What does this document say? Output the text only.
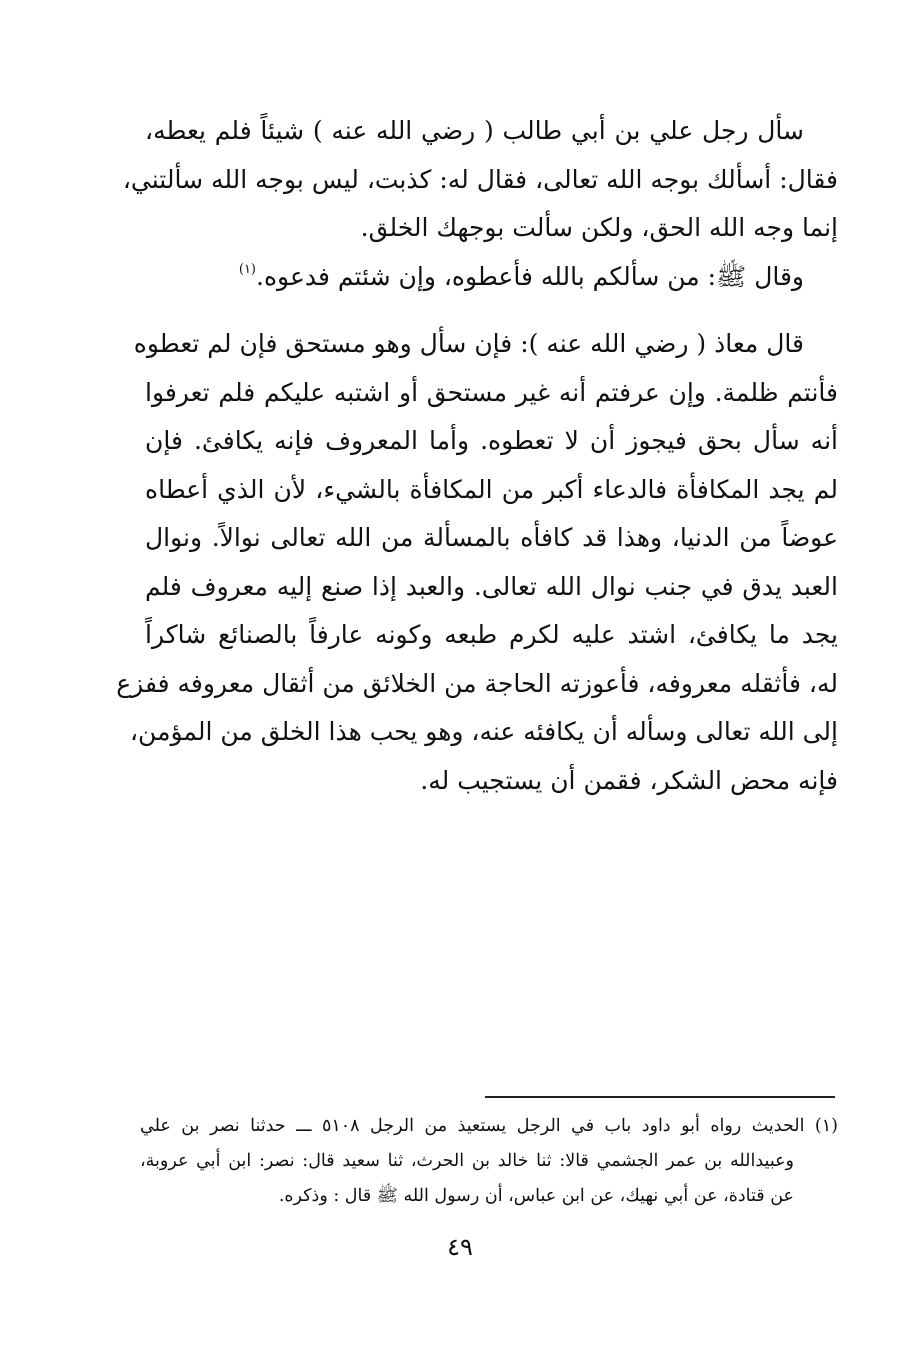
سأل رجل علي بن أبي طالب ( رضي الله عنه ) شيئاً فلم يعطه،
فقال: أسألك بوجه الله تعالى، فقال له: كذبت، ليس بوجه الله سألتني،
إنما وجه الله الحق، ولكن سألت بوجهك الخلق.
وقال ﷺ: من سألكم بالله فأعطوه، وإن شئتم فدعوه.$^{(١)}$
قال معاذ ( رضي الله عنه ): فإن سأل وهو مستحق فإن لم تعطوه
فأنتم ظلمة. وإن عرفتم أنه غير مستحق أو اشتبه عليكم فلم تعرفوا
أنه سأل بحق فيجوز أن لا تعطوه. وأما المعروف فإنه يكافئ. فإن
لم يجد المكافأة فالدعاء أكبر من المكافأة بالشيء، لأن الذي أعطاه
عوضاً من الدنيا، وهذا قد كافأه بالمسألة من الله تعالى نوالاً. ونوال
العبد يدق في جنب نوال الله تعالى. والعبد إذا صنع إليه معروف فلم
يجد ما يكافئ، اشتد عليه لكرم طبعه وكونه عارفاً بالصنائع شاكراً
له، فأثقله معروفه، فأعوزته الحاجة من الخلائق من أثقال معروفه ففزع
إلى الله تعالى وسأله أن يكافئه عنه، وهو يحب هذا الخلق من المؤمن،
فإنه محض الشكر، فقمن أن يستجيب له.
(١) الحديث رواه أبو داود باب في الرجل يستعيذ من الرجل ٥١٠٨ ـــ حدثنا نصر بن علي
وعبيدالله بن عمر الجشمي قالا: ثنا خالد بن الحرث، ثنا سعيد قال: نصر: ابن أبي عروبة،
عن قتادة، عن أبي نهيك، عن ابن عباس، أن رسول الله ﷺ قال : وذكره.
٤٩
